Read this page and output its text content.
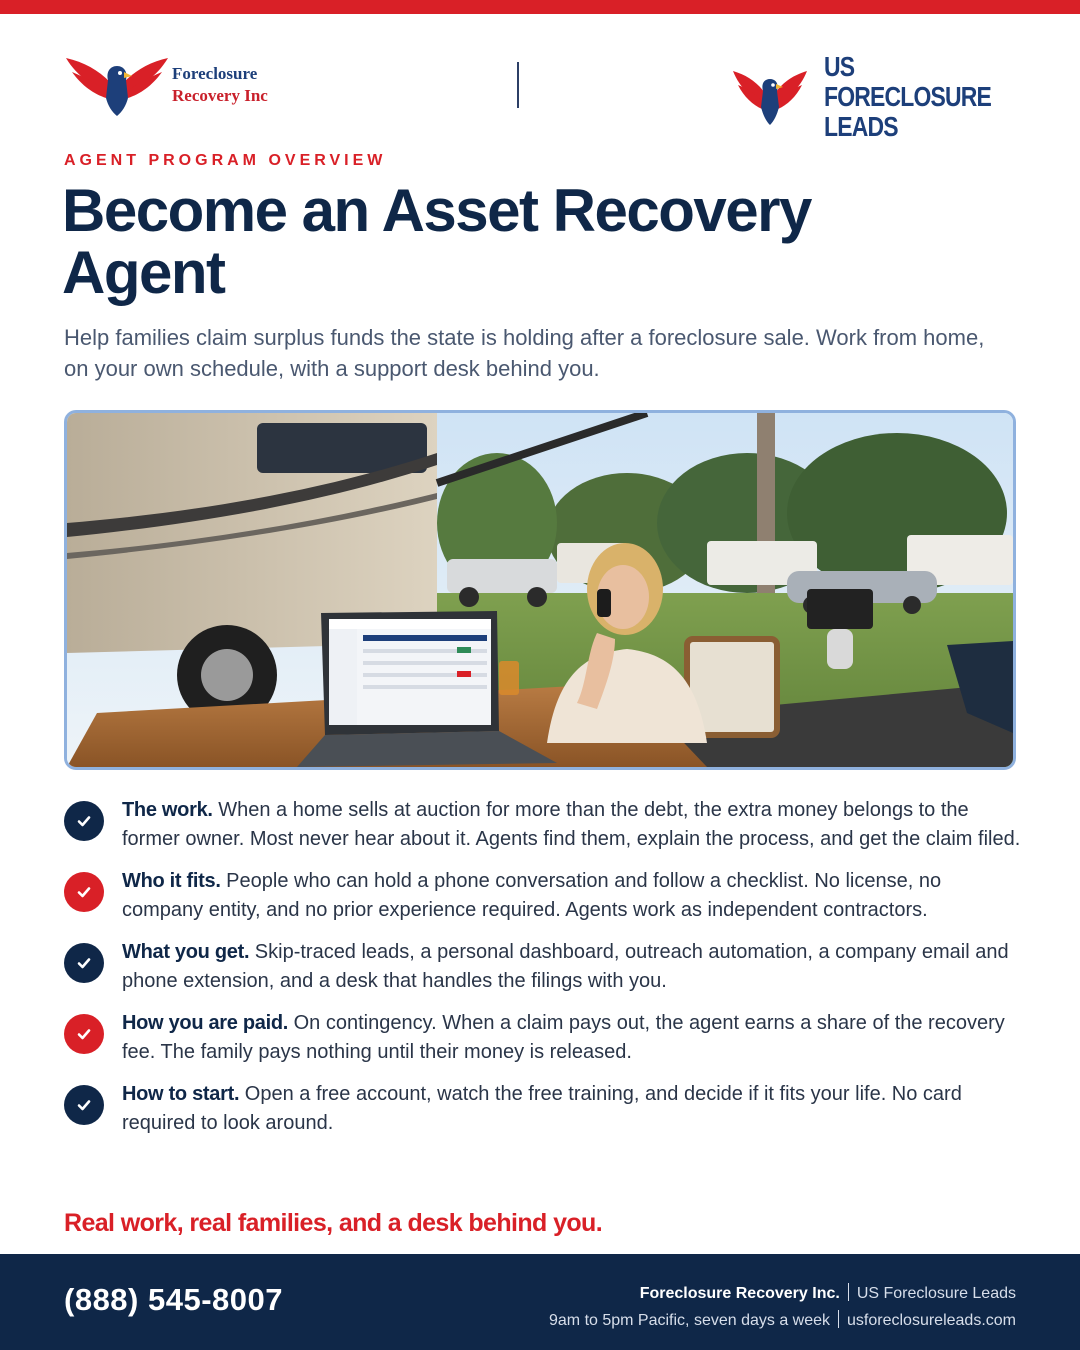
Foreclosure
Recovery Inc
US FORECLOSURE
LEADS
AGENT PROGRAM OVERVIEW
Become an Asset Recovery
Agent

Help families claim surplus funds the state is holding after a foreclosure sale. Work from home, on your own schedule, with a support desk behind you.

The work. When a home sells at auction for more than the debt, the extra money belongs to the former owner. Most never hear about it. Agents find them, explain the process, and get the claim filed.

Who it fits. People who can hold a phone conversation and follow a checklist. No license, no company entity, and no prior experience required. Agents work as independent contractors.

What you get. Skip-traced leads, a personal dashboard, outreach automation, a company email and phone extension, and a desk that handles the filings with you.

How you are paid. On contingency. When a claim pays out, the agent earns a share of the recovery fee. The family pays nothing until their money is released.

How to start. Open a free account, watch the free training, and decide if it fits your life. No card required to look around.

Real work, real families, and a desk behind you.
(888) 545-8007	Foreclosure Recovery Inc. US Foreclosure Leads
9am to 5pm Pacific, seven days a week usforeclosureleads.com
